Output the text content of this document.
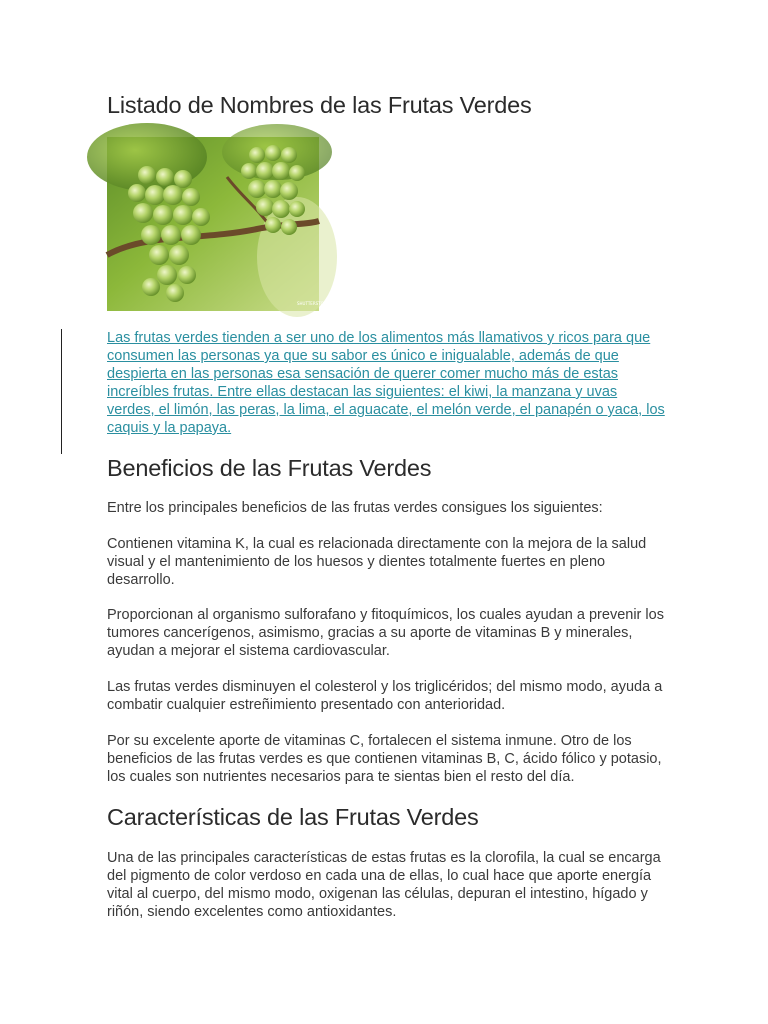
Listado de Nombres de las Frutas Verdes
SHUTTERSTOCK

Las frutas verdes tienden a ser uno de los alimentos más llamativos y ricos para que consumen las personas ya que su sabor es único e inigualable, además de que despierta en las personas esa sensación de querer comer mucho más de estas increíbles frutas. Entre ellas destacan las siguientes: el kiwi, la manzana y uvas verdes, el limón, las peras, la lima, el aguacate, el melón verde, el panapén o yaca, los caquis y la papaya.

Beneficios de las Frutas Verdes

Entre los principales beneficios de las frutas verdes consigues los siguientes:

Contienen vitamina K, la cual es relacionada directamente con la mejora de la salud visual y el mantenimiento de los huesos y dientes totalmente fuertes en pleno desarrollo.

Proporcionan al organismo sulforafano y fitoquímicos, los cuales ayudan a prevenir los tumores cancerígenos, asimismo, gracias a su aporte de vitaminas B y minerales, ayudan a mejorar el sistema cardiovascular.

Las frutas verdes disminuyen el colesterol y los triglicéridos; del mismo modo, ayuda a combatir cualquier estreñimiento presentado con anterioridad.

Por su excelente aporte de vitaminas C, fortalecen el sistema inmune. Otro de los beneficios de las frutas verdes es que contienen vitaminas B, C, ácido fólico y potasio, los cuales son nutrientes necesarios para te sientas bien el resto del día.

Características de las Frutas Verdes

Una de las principales características de estas frutas es la clorofila, la cual se encarga del pigmento de color verdoso en cada una de ellas, lo cual hace que aporte energía vital al cuerpo, del mismo modo, oxigenan las células, depuran el intestino, hígado y riñón, siendo excelentes como antioxidantes.
